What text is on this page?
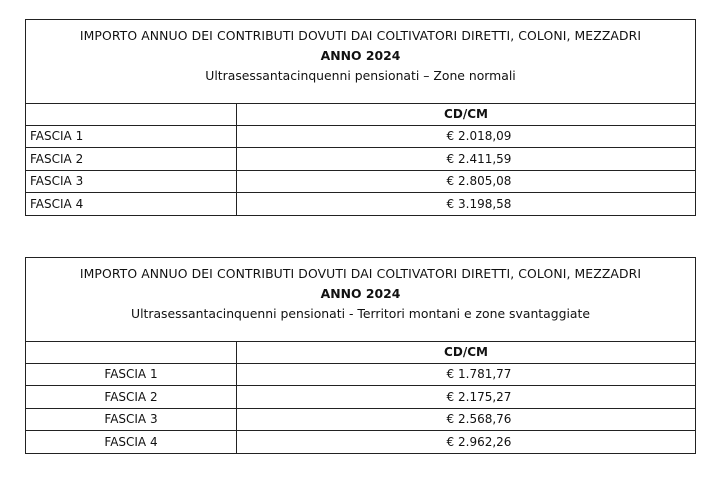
IMPORTO ANNUO DEI CONTRIBUTI DOVUTI DAI COLTIVATORI DIRETTI, COLONI, MEZZADRI
ANNO 2024
Ultrasessantacinquenni pensionati – Zone normali
CD/CM
FASCIA 1	€ 2.018,09
FASCIA 2	€ 2.411,59
FASCIA 3	€ 2.805,08
FASCIA 4	€ 3.198,58
IMPORTO ANNUO DEI CONTRIBUTI DOVUTI DAI COLTIVATORI DIRETTI, COLONI, MEZZADRI
ANNO 2024
Ultrasessantacinquenni pensionati - Territori montani e zone svantaggiate
CD/CM
FASCIA 1	€ 1.781,77
FASCIA 2	€ 2.175,27
FASCIA 3	€ 2.568,76
FASCIA 4	€ 2.962,26
